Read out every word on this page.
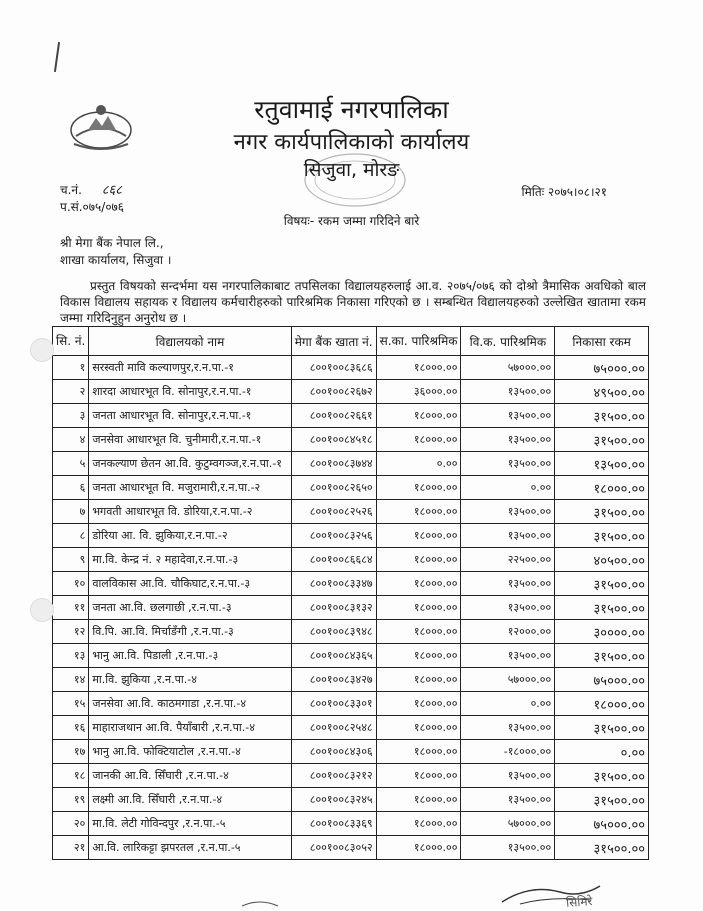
रतुवामाई नगरपालिका
नगर कार्यपालिकाको कार्यालय
सिजुवा, मोरङ
च.नं. ८६८
प.सं.०७५/०७६
मितिः २०७५।०८।२१
विषयः- रकम जम्मा गरिदिने बारे
श्री मेगा बैंक नेपाल लि.,
शाखा कार्यालय, सिजुवा ।
प्रस्तुत विषयको सन्दर्भमा यस नगरपालिकाबाट तपसिलका विद्यालयहरुलाई आ.व. २०७५/०७६ को दोश्रो त्रैमासिक अवधिको बाल विकास विद्यालय सहायक र विद्यालय कर्मचारीहरुको पारिश्रमिक निकासा गरिएको छ । सम्बन्धित विद्यालयहरुको उल्लेखित खातामा रकम जम्मा गरिदिनुहुन अनुरोध छ ।
सि. नं.	विद्यालयको नाम	मेगा बैंक खाता नं.	स.का. पारिश्रमिक	वि.क. पारिश्रमिक	निकासा रकम
१	सरस्वती मावि कल्याणपुर,र.न.पा.-१	८००१००८३६८६	१८०००.००	५७०००.००	७५०००.००
२	शारदा आधारभूत वि. सोनापुर,र.न.पा.-१	८००१००८२६७२	३६०००.००	१३५००.००	४९५००.००
३	जनता आधारभूत वि. सोनापुर,र.न.पा.-१	८००१००८२६६१	१८०००.००	१३५००.००	३१५००.००
४	जनसेवा आधारभूत वि. चुनीमारी,र.न.पा.-१	८००१००८४५१८	१८०००.००	१३५००.००	३१५००.००
५	जनकल्याण छेतन आ.वि. कुटुम्वगञ्ज,र.न.पा.-१	८००१००८३७४४	०.००	१३५००.००	१३५००.००
६	जनता आधारभूत वि. मजुरामारी,र.न.पा.-२	८००१००८२६५०	१८०००.००	०.००	१८०००.००
७	भगवती आधारभूत वि. डोरिया,र.न.पा.-२	८००१००८२५२६	१८०००.००	१३५००.००	३१५००.००
८	डोरिया आ. वि. झुकिया,र.न.पा.-२	८००१००८३२५६	१८०००.००	१३५००.००	३१५००.००
९	मा.वि. केन्द्र नं. २ महादेवा,र.न.पा.-३	८००१००८६६८४	१८०००.००	२२५००.००	४०५००.००
१०	वालविकास आ.वि. चौकिघाट,र.न.पा.-३	८००१००८३३४७	१८०००.००	१३५००.००	३१५००.००
११	जनता आ.वि. छलगाछी ,र.न.पा.-३	८००१००८३१३२	१८०००.००	१३५००.००	३१५००.००
१२	वि.पि. आ.वि. मिर्चाङँगी ,र.न.पा.-३	८००१००८३९४८	१८०००.००	१२०००.००	३००००.००
१३	भानु आ.वि. पिडाली ,र.न.पा.-३	८००१००८४३६५	१८०००.००	१३५००.००	३१५००.००
१४	मा.वि. झुकिया ,र.न.पा.-४	८००१००८३४२७	१८०००.००	५७०००.००	७५०००.००
१५	जनसेवा आ.वि. काठमगाडा ,र.न.पा.-४	८००१००८३३०१	१८०००.००	०.००	१८०००.००
१६	माहाराजथान आ.वि. पैयाँबारी ,र.न.पा.-४	८००१००८२५४८	१८०००.००	१३५००.००	३१५००.००
१७	भानु आ.वि. फोक्टियाटोल ,र.न.पा.-४	८००१००८४३०६	१८०००.००	-१८०००.००	०.००
१८	जानकी आ.वि. सिँघारी ,र.न.पा.-४	८००१००८३२१२	१८०००.००	१३५००.००	३१५००.००
१९	लक्ष्मी आ.वि. सिँघारी ,र.न.पा.-४	८००१००८३२४५	१८०००.००	१३५००.००	३१५००.००
२०	मा.वि. लेटी गोविन्दपुर ,र.न.पा.-५	८००१००८३३६९	१८०००.००	५७०००.००	७५०००.००
२१	आ.वि. लारिकट्टा झपरतल ,र.न.पा.-५	८००१००८३०५२	१८०००.००	१३५००.००	३१५००.००
सिमिरे
